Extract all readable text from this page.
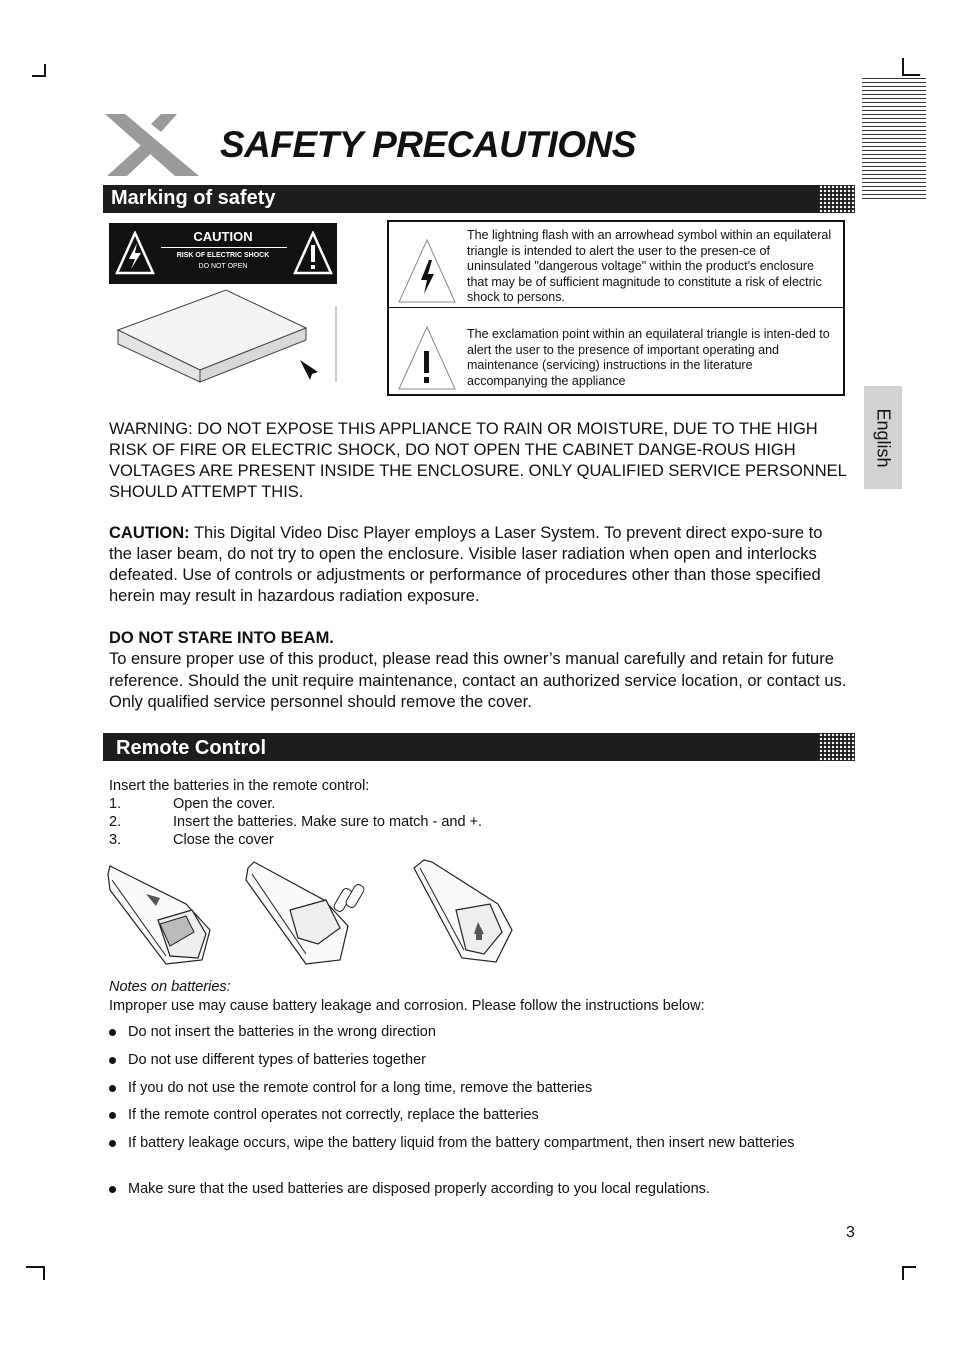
SAFETY PRECAUTIONS
English
Marking of safety
CAUTION
RISK OF ELECTRIC SHOCK
DO NOT OPEN
The lightning flash with an arrowhead symbol within an equilateral triangle is intended to alert the user to the presen-ce of uninsulated "dangerous voltage" within the product's enclosure that may be of sufficient magnitude to constitute a risk of electric shock to persons.
The exclamation point within an equilateral triangle is inten-ded to alert the user to the presence of important operating and maintenance (servicing) instructions in the literature accompanying the appliance
WARNING: DO NOT EXPOSE THIS APPLIANCE TO RAIN OR MOISTURE, DUE TO THE HIGH RISK OF FIRE OR ELECTRIC SHOCK, DO NOT OPEN THE CABINET DANGE-ROUS HIGH VOLTAGES ARE PRESENT INSIDE THE ENCLOSURE. ONLY QUALIFIED SERVICE PERSONNEL SHOULD ATTEMPT THIS.
CAUTION: This Digital Video Disc Player employs a Laser System. To prevent direct expo-sure to the laser beam, do not try to open the enclosure. Visible laser radiation when open and interlocks defeated. Use of controls or adjustments or performance of procedures other than those specified herein may result in hazardous radiation exposure.
DO NOT STARE INTO BEAM.
To ensure proper use of this product, please read this owner’s manual carefully and retain for future reference. Should the unit require maintenance, contact an authorized service location, or contact us. Only qualified service personnel should remove the cover.
Remote Control
Insert the batteries in the remote control:
1.	Open the cover.
2.	Insert the batteries. Make sure to match - and +.
3.	Close the cover
Notes on batteries:
Improper use may cause battery leakage and corrosion. Please follow the instructions below:
Do not insert the batteries in the wrong direction
Do not use different types of batteries together
If you do not use the remote control for a long time, remove the batteries
If the remote control operates not correctly, replace the batteries
If battery leakage occurs, wipe the battery liquid from the battery compartment, then insert new batteries
Make sure that the used batteries are disposed properly according to you local regulations.
3
